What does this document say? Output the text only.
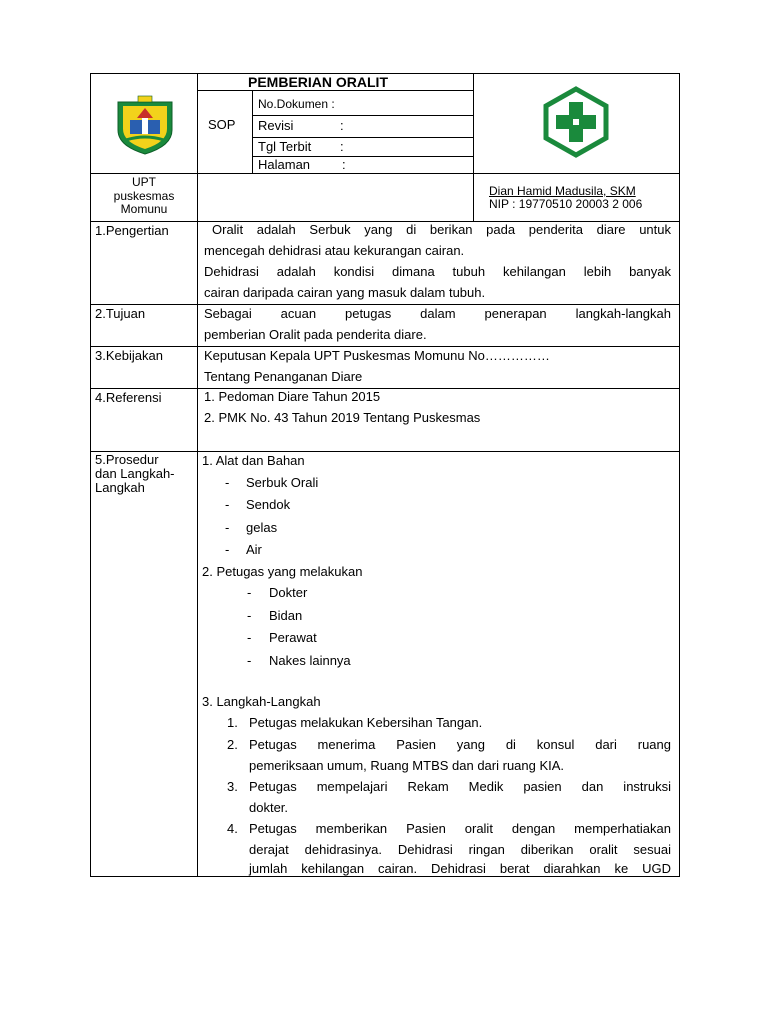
PEMBERIAN ORALIT
SOP
No.Dokumen :
Revisi	:
Tgl Terbit :
Halaman :
UPT
puskesmas
Momunu
Dian Hamid Madusila, SKM
NIP : 19770510 20003 2 006
1.Pengertian	Oralit adalah Serbuk yang di berikan pada penderita diare untuk
mencegah dehidrasi atau kekurangan cairan.
Dehidrasi adalah kondisi dimana tubuh kehilangan lebih banyak
cairan daripada cairan yang masuk dalam tubuh.
2.Tujuan	Sebagai acuan petugas dalam penerapan langkah-langkah
pemberian Oralit pada penderita diare.
3.Kebijakan	Keputusan Kepala UPT Puskesmas Momunu No……………
Tentang Penanganan Diare
4.Referensi	1. Pedoman Diare Tahun 2015
2. PMK No. 43 Tahun 2019 Tentang Puskesmas
5.Prosedur
dan Langkah-
Langkah
1. Alat dan Bahan
- Serbuk Orali
- Sendok
- gelas
- Air
2. Petugas yang melakukan
- Dokter
- Bidan
- Perawat
- Nakes lainnya
3. Langkah-Langkah
1. Petugas melakukan Kebersihan Tangan.
2. Petugas menerima Pasien yang di konsul dari ruang
pemeriksaan umum, Ruang MTBS dan dari ruang KIA.
3. Petugas mempelajari Rekam Medik pasien dan instruksi
dokter.
4. Petugas memberikan Pasien oralit dengan memperhatiakan
derajat dehidrasinya. Dehidrasi ringan diberikan oralit sesuai
jumlah kehilangan cairan. Dehidrasi berat diarahkan ke UGD
